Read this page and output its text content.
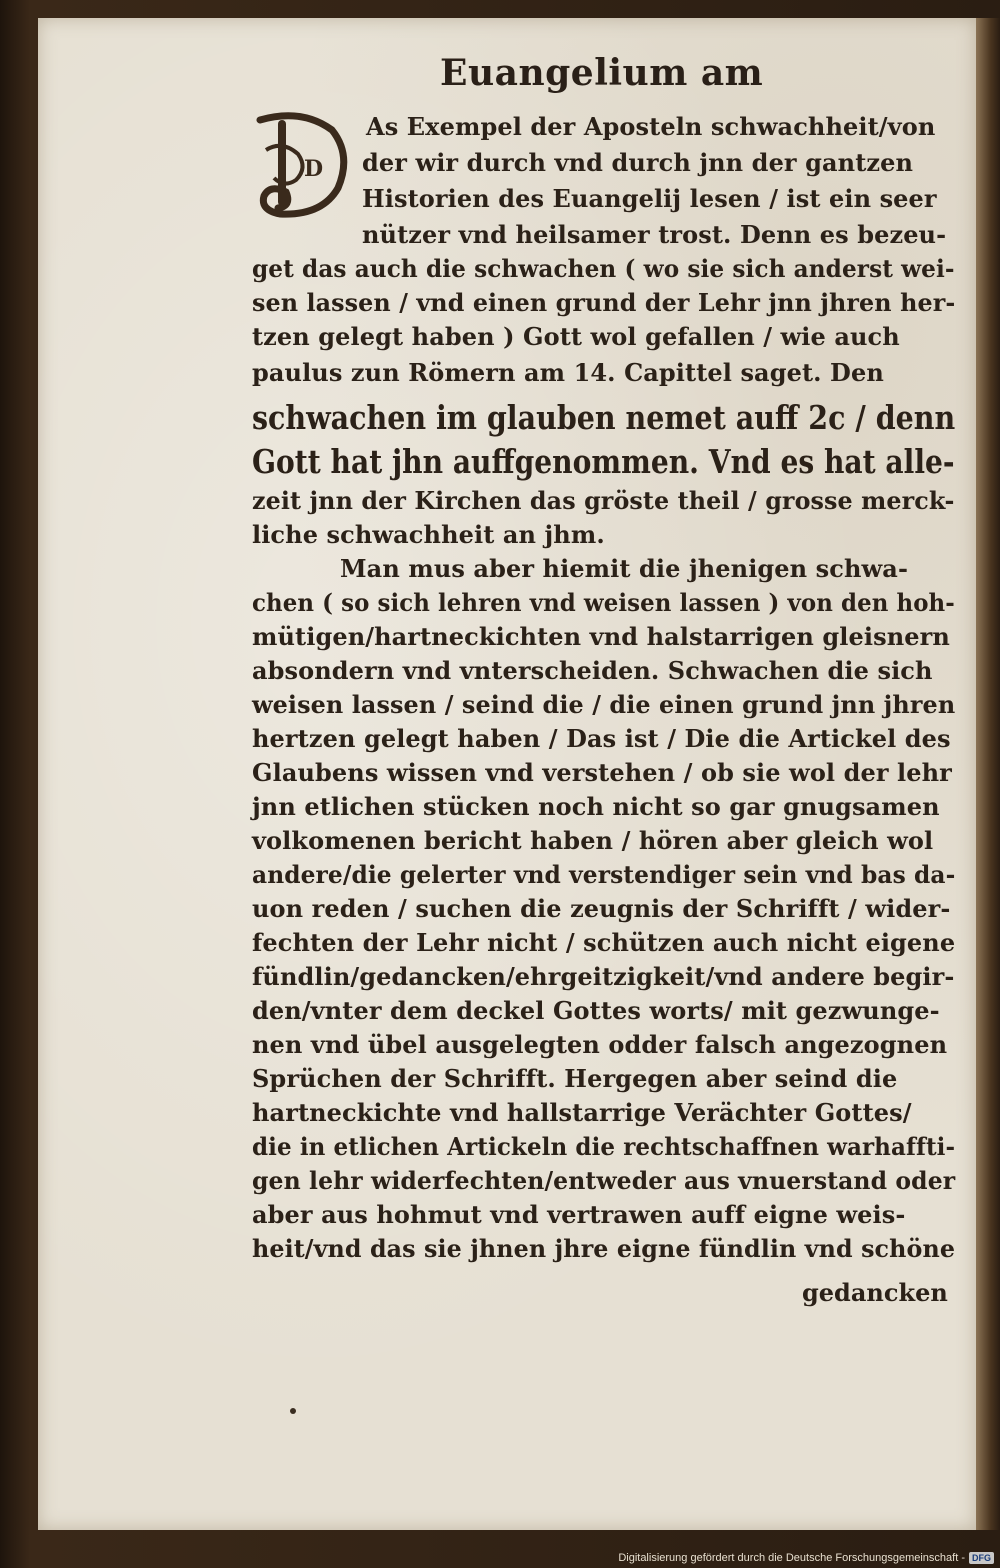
Euangelium am
D
As Exempel der Aposteln schwachheit/von
der wir durch vnd durch jnn der gantzen
Historien des Euangelij lesen / ist ein seer
nützer vnd heilsamer trost. Denn es bezeu-
get das auch die schwachen ( wo sie sich anderst wei-
sen lassen / vnd einen grund der Lehr jnn jhren her-
tzen gelegt haben ) Gott wol gefallen / wie auch
paulus zun Römern am 14. Capittel saget. Den
schwachen im glauben nemet auff 2c / denn
Gott hat jhn auffgenommen. Vnd es hat alle-
zeit jnn der Kirchen das gröste theil / grosse merck-
liche schwachheit an jhm.
Man mus aber hiemit die jhenigen schwa-
chen ( so sich lehren vnd weisen lassen ) von den hoh-
mütigen/hartneckichten vnd halstarrigen gleisnern
absondern vnd vnterscheiden. Schwachen die sich
weisen lassen / seind die / die einen grund jnn jhren
hertzen gelegt haben / Das ist / Die die Artickel des
Glaubens wissen vnd verstehen / ob sie wol der lehr
jnn etlichen stücken noch nicht so gar gnugsamen
volkomenen bericht haben / hören aber gleich wol
andere/die gelerter vnd verstendiger sein vnd bas da-
uon reden / suchen die zeugnis der Schrifft / wider-
fechten der Lehr nicht / schützen auch nicht eigene
fündlin/gedancken/ehrgeitzigkeit/vnd andere begir-
den/vnter dem deckel Gottes worts/ mit gezwunge-
nen vnd übel ausgelegten odder falsch angezognen
Sprüchen der Schrifft. Hergegen aber seind die
hartneckichte vnd hallstarrige Verächter Gottes/
die in etlichen Artickeln die rechtschaffnen warhaffti-
gen lehr widerfechten/entweder aus vnuerstand oder
aber aus hohmut vnd vertrawen auff eigne weis-
heit/vnd das sie jhnen jhre eigne fündlin vnd schöne
gedancken
Digitalisierung gefördert durch die Deutsche Forschungsgemeinschaft - DFG
